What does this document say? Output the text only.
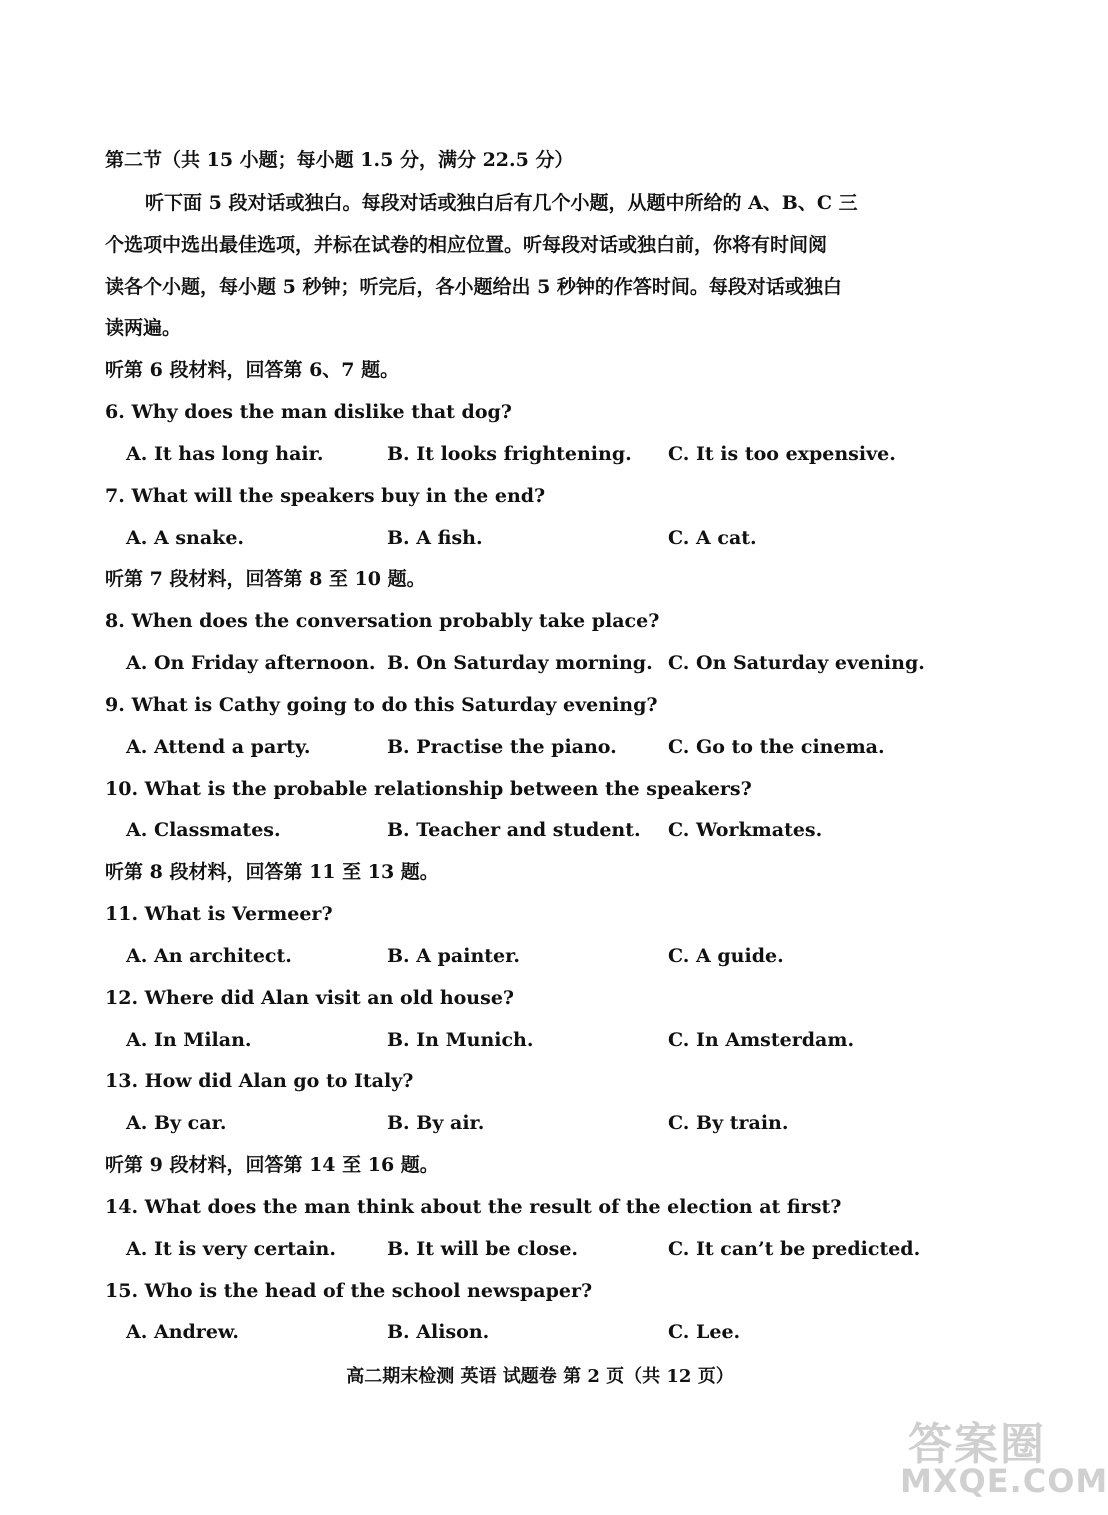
第二节（共 15 小题；每小题 1.5 分，满分 22.5 分）
听下面 5 段对话或独白。每段对话或独白后有几个小题，从题中所给的 A、B、C 三
个选项中选出最佳选项，并标在试卷的相应位置。听每段对话或独白前，你将有时间阅
读各个小题，每小题 5 秒钟；听完后，各小题给出 5 秒钟的作答时间。每段对话或独白
读两遍。
听第 6 段材料，回答第 6、7 题。
6. Why does the man dislike that dog?
A. It has long hair.	B. It looks frightening. C. It is too expensive.
7. What will the speakers buy in the end?
A. A snake.	B. A fish.	C. A cat.
听第 7 段材料，回答第 8 至 10 题。
8. When does the conversation probably take place?
A. On Friday afternoon. B. On Saturday morning. C. On Saturday evening.
9. What is Cathy going to do this Saturday evening?
A. Attend a party.	B. Practise the piano.	C. Go to the cinema.
10. What is the probable relationship between the speakers?
A. Classmates.	B. Teacher and student. C. Workmates.
听第 8 段材料，回答第 11 至 13 题。
11. What is Vermeer?
A. An architect.	B. A painter.	C. A guide.
12. Where did Alan visit an old house?
A. In Milan.	B. In Munich.	C. In Amsterdam.
13. How did Alan go to Italy?
A. By car.	B. By air.	C. By train.
听第 9 段材料，回答第 14 至 16 题。
14. What does the man think about the result of the election at first?
A. It is very certain.	B. It will be close.	C. It can’t be predicted.
15. Who is the head of the school newspaper?
A. Andrew.	B. Alison.	C. Lee.
高二期末检测 英语 试题卷 第 2 页（共 12 页）
答案圈
MXQE.COM
